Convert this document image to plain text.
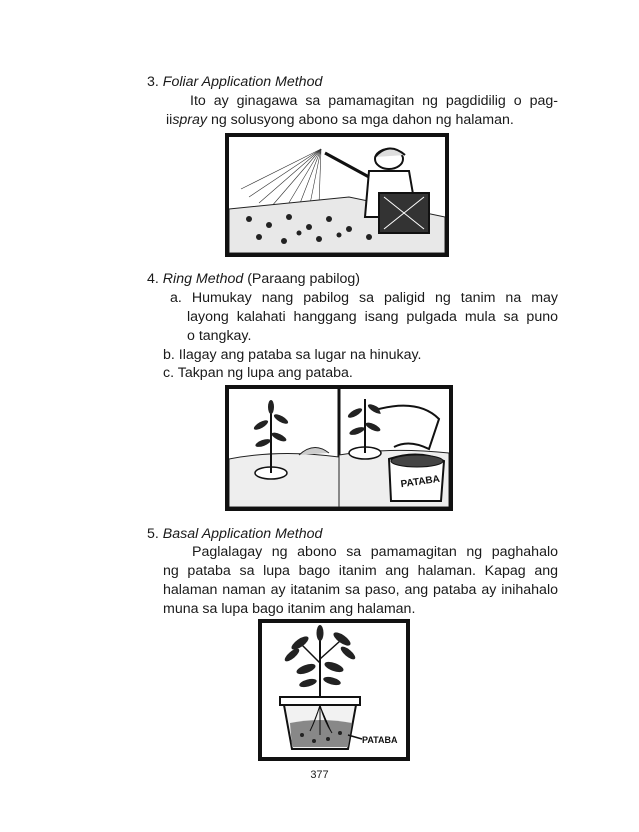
3. Foliar Application Method
Ito ay ginagawa sa pamamagitan ng pagdidilig o pag-
iispray ng solusyong abono sa mga dahon ng halaman.
4. Ring Method (Paraang pabilog)
a. Humukay nang pabilog sa paligid ng tanim na may
layong kalahati hanggang isang pulgada mula sa puno
o tangkay.
b. Ilagay ang pataba sa lugar na hinukay.
c. Takpan ng lupa ang pataba.
PATABA
5. Basal Application Method
Paglalagay ng abono sa pamamagitan ng paghahalo
ng pataba sa lupa bago itanim ang halaman. Kapag ang
halaman naman ay itatanim sa paso, ang pataba ay inihahalo
muna sa lupa bago itanim ang halaman.
PATABA
377
